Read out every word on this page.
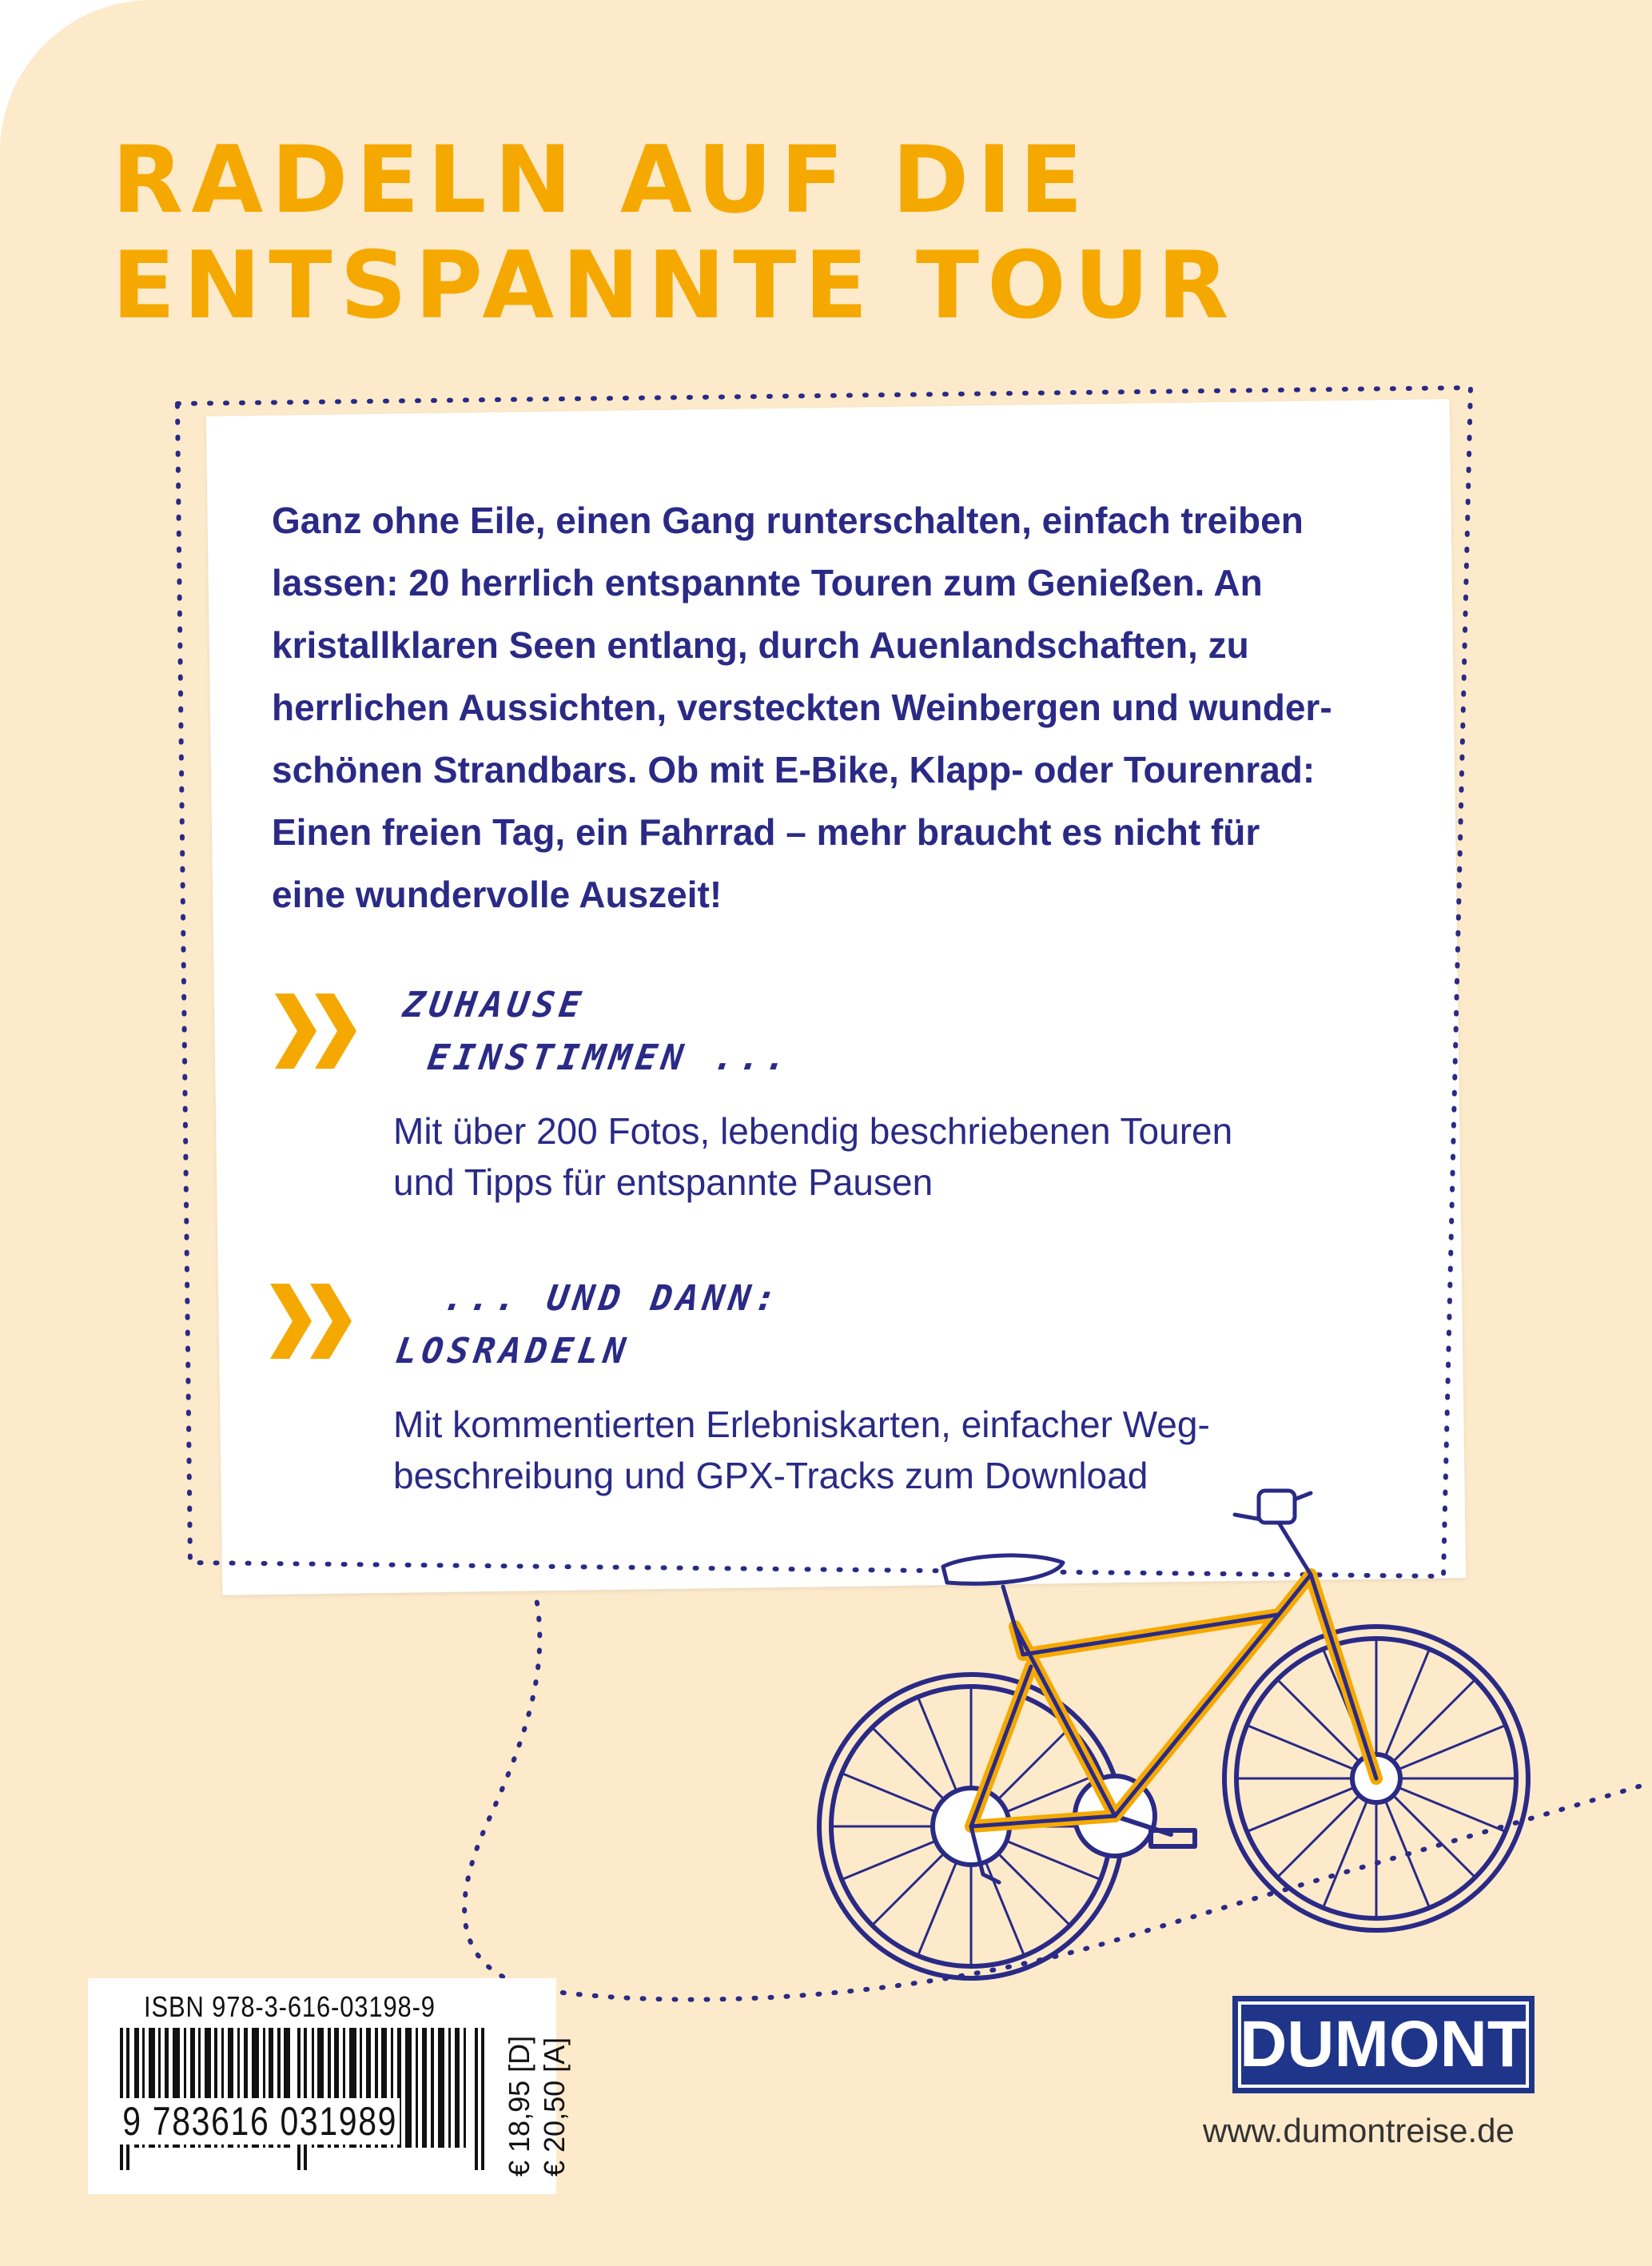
RADELN AUF DIE
ENTSPANNTE TOUR

Ganz ohne Eile, einen Gang runterschalten, einfach treiben
lassen: 20 herrlich entspannte Touren zum Genießen. An
kristallklaren Seen entlang, durch Auenlandschaften, zu
herrlichen Aussichten, versteckten Weinbergen und wunder-
schönen Strandbars. Ob mit E-Bike, Klapp- oder Tourenrad:
Einen freien Tag, ein Fahrrad – mehr braucht es nicht für
eine wundervolle Auszeit!

ZUHAUSE
EINSTIMMEN ...

Mit über 200 Fotos, lebendig beschriebenen Touren
und Tipps für entspannte Pausen

... UND DANN:
LOSRADELN

Mit kommentierten Erlebniskarten, einfacher Weg-
beschreibung und GPX-Tracks zum Download

ISBN 978-3-616-03198-9
9 783616 031989	€ 18,95 [D] € 20,50 [A]	DUMONT
www.dumontreise.de
